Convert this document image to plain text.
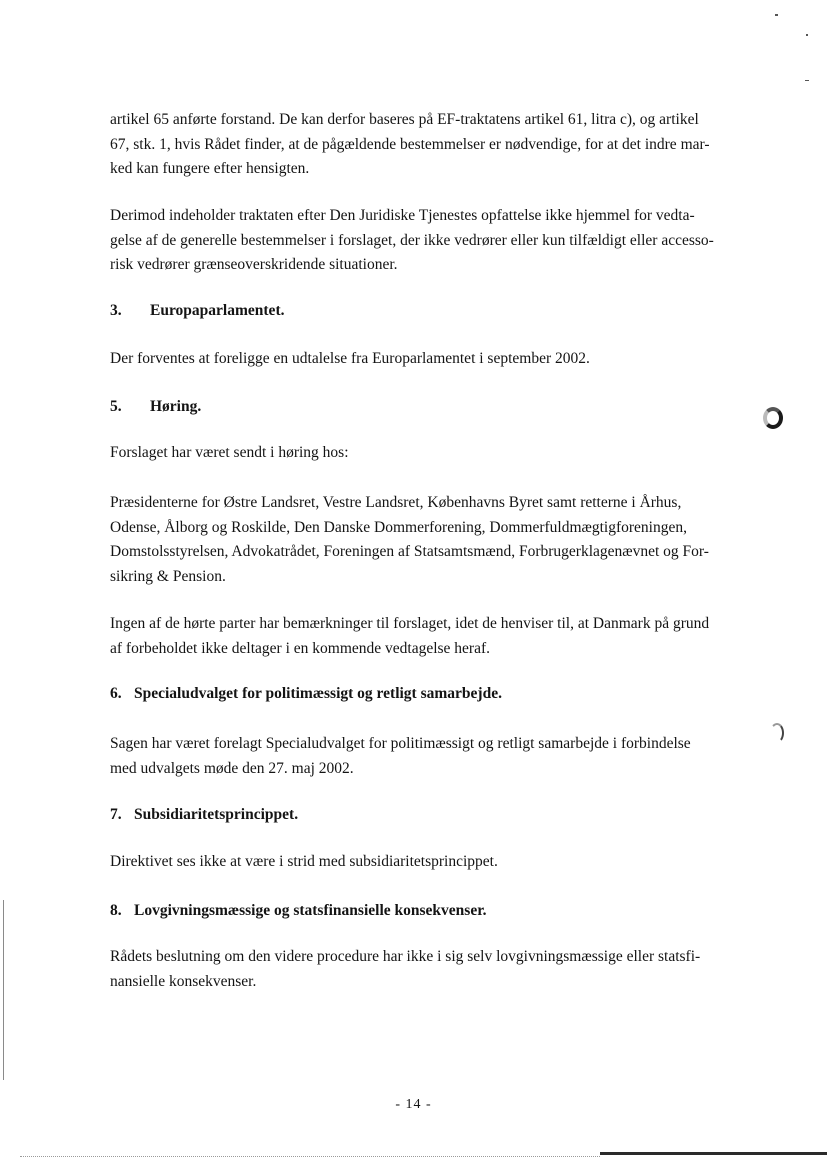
artikel 65 anførte forstand. De kan derfor baseres på EF-traktatens artikel 61, litra c), og artikel
67, stk. 1, hvis Rådet finder, at de pågældende bestemmelser er nødvendige, for at det indre mar-
ked kan fungere efter hensigten.

Derimod indeholder traktaten efter Den Juridiske Tjenestes opfattelse ikke hjemmel for vedta-
gelse af de generelle bestemmelser i forslaget, der ikke vedrører eller kun tilfældigt eller accesso-
risk vedrører grænseoverskridende situationer.

3. Europaparlamentet.

Der forventes at foreligge en udtalelse fra Europarlamentet i september 2002.

5. Høring.

Forslaget har været sendt i høring hos:

Præsidenterne for Østre Landsret, Vestre Landsret, Københavns Byret samt retterne i Århus,
Odense, Ålborg og Roskilde, Den Danske Dommerforening, Dommerfuldmægtigforeningen,
Domstolsstyrelsen, Advokatrådet, Foreningen af Statsamtsmænd, Forbrugerklagenævnet og For-
sikring & Pension.

Ingen af de hørte parter har bemærkninger til forslaget, idet de henviser til, at Danmark på grund
af forbeholdet ikke deltager i en kommende vedtagelse heraf.

6. Specialudvalget for politimæssigt og retligt samarbejde.

Sagen har været forelagt Specialudvalget for politimæssigt og retligt samarbejde i forbindelse
med udvalgets møde den 27. maj 2002.

7. Subsidiaritetsprincippet.

Direktivet ses ikke at være i strid med subsidiaritetsprincippet.

8. Lovgivningsmæssige og statsfinansielle konsekvenser.

Rådets beslutning om den videre procedure har ikke i sig selv lovgivningsmæssige eller statsfi-
nansielle konsekvenser.

- 14 -
